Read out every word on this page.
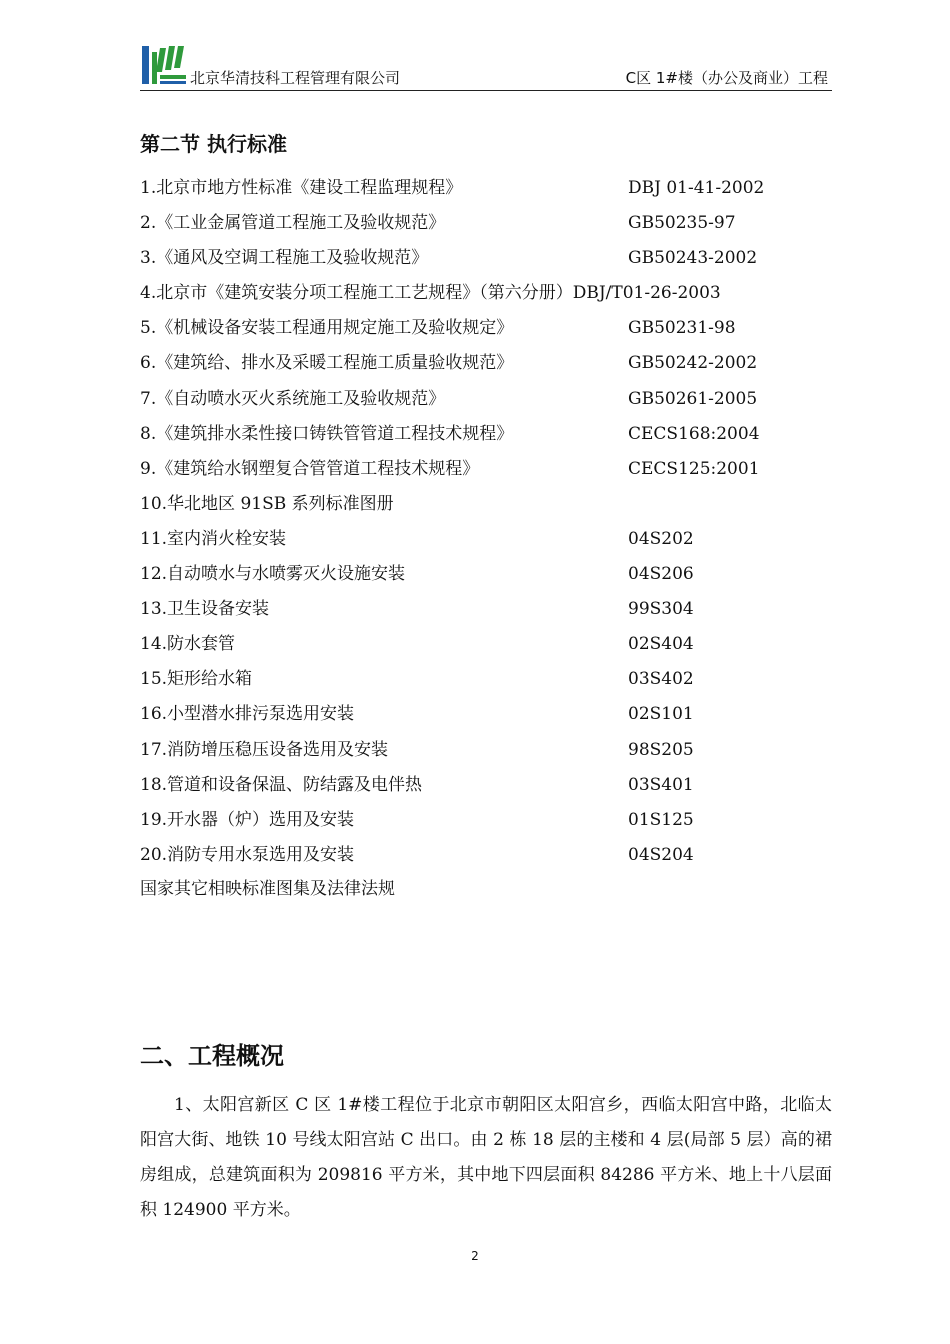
北京华清技科工程管理有限公司	C区 1#楼（办公及商业）工程
第二节 执行标准
1.北京市地方性标准《建设工程监理规程》	DBJ 01-41-2002
2.《工业金属管道工程施工及验收规范》	GB50235-97
3.《通风及空调工程施工及验收规范》	GB50243-2002
4.北京市《建筑安装分项工程施工工艺规程》（第六分册）DBJ/T01-26-2003
5.《机械设备安装工程通用规定施工及验收规定》	GB50231-98
6.《建筑给、排水及采暖工程施工质量验收规范》	GB50242-2002
7.《自动喷水灭火系统施工及验收规范》	GB50261-2005
8.《建筑排水柔性接口铸铁管管道工程技术规程》	CECS168:2004
9.《建筑给水钢塑复合管管道工程技术规程》	CECS125:2001
10.华北地区 91SB 系列标准图册
11.室内消火栓安装	04S202
12.自动喷水与水喷雾灭火设施安装	04S206
13.卫生设备安装	99S304
14.防水套管	02S404
15.矩形给水箱	03S402
16.小型潜水排污泵选用安装	02S101
17.消防增压稳压设备选用及安装	98S205
18.管道和设备保温、防结露及电伴热	03S401
19.开水器（炉）选用及安装	01S125
20.消防专用水泵选用及安装	04S204
国家其它相映标准图集及法律法规
二、工程概况

1、太阳宫新区 C 区 1#楼工程位于北京市朝阳区太阳宫乡，西临太阳宫中路，北临太阳宫大街、地铁 10 号线太阳宫站 C 出口。由 2 栋 18 层的主楼和 4 层(局部 5 层）高的裙房组成，总建筑面积为 209816 平方米，其中地下四层面积 84286 平方米、地上十八层面积 124900 平方米。

2
